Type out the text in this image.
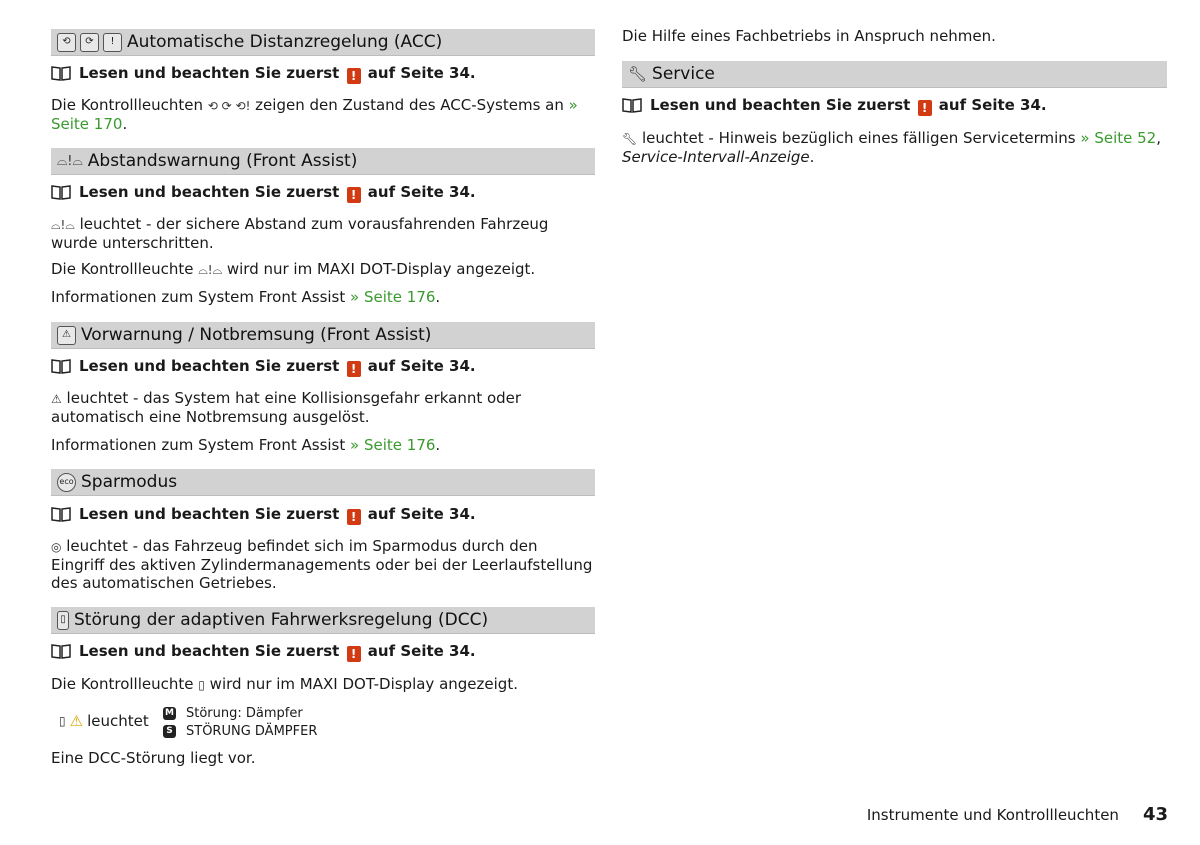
⟲	⟳	! Automatische Distanzregelung (ACC)
Lesen und beachten Sie zuerst ! auf Seite 34.
Die Kontrollleuchten ⟲ ⟳ ⟲! zeigen den Zustand des ACC-Systems an » Seite 170.
⌓!⌓ Abstandswarnung (Front Assist)
Lesen und beachten Sie zuerst ! auf Seite 34.
⌓!⌓ leuchtet - der sichere Abstand zum vorausfahrenden Fahrzeug wurde unterschritten.
Die Kontrollleuchte ⌓!⌓ wird nur im MAXI DOT-Display angezeigt.
Informationen zum System Front Assist » Seite 176.
⚠ Vorwarnung / Notbremsung (Front Assist)
Lesen und beachten Sie zuerst ! auf Seite 34.
⚠ leuchtet - das System hat eine Kollisionsgefahr erkannt oder automatisch eine Notbremsung ausgelöst.
Informationen zum System Front Assist » Seite 176.
eco Sparmodus
Lesen und beachten Sie zuerst ! auf Seite 34.
◎ leuchtet - das Fahrzeug befindet sich im Sparmodus durch den Eingriff des aktiven Zylindermanagements oder bei der Leerlaufstellung des automatischen Getriebes.
▯ Störung der adaptiven Fahrwerksregelung (DCC)
Lesen und beachten Sie zuerst ! auf Seite 34.
Die Kontrollleuchte ▯ wird nur im MAXI DOT-Display angezeigt.
▯ ⚠ leuchtet M Störung: Dämpfer
S STÖRUNG DÄMPFER
Eine DCC-Störung liegt vor.
Die Hilfe eines Fachbetriebs in Anspruch nehmen.
🔧︎ Service
Lesen und beachten Sie zuerst ! auf Seite 34.
🔧︎ leuchtet - Hinweis bezüglich eines fälligen Servicetermins » Seite 52, Service-Intervall-Anzeige.
Instrumente und Kontrollleuchten 43
